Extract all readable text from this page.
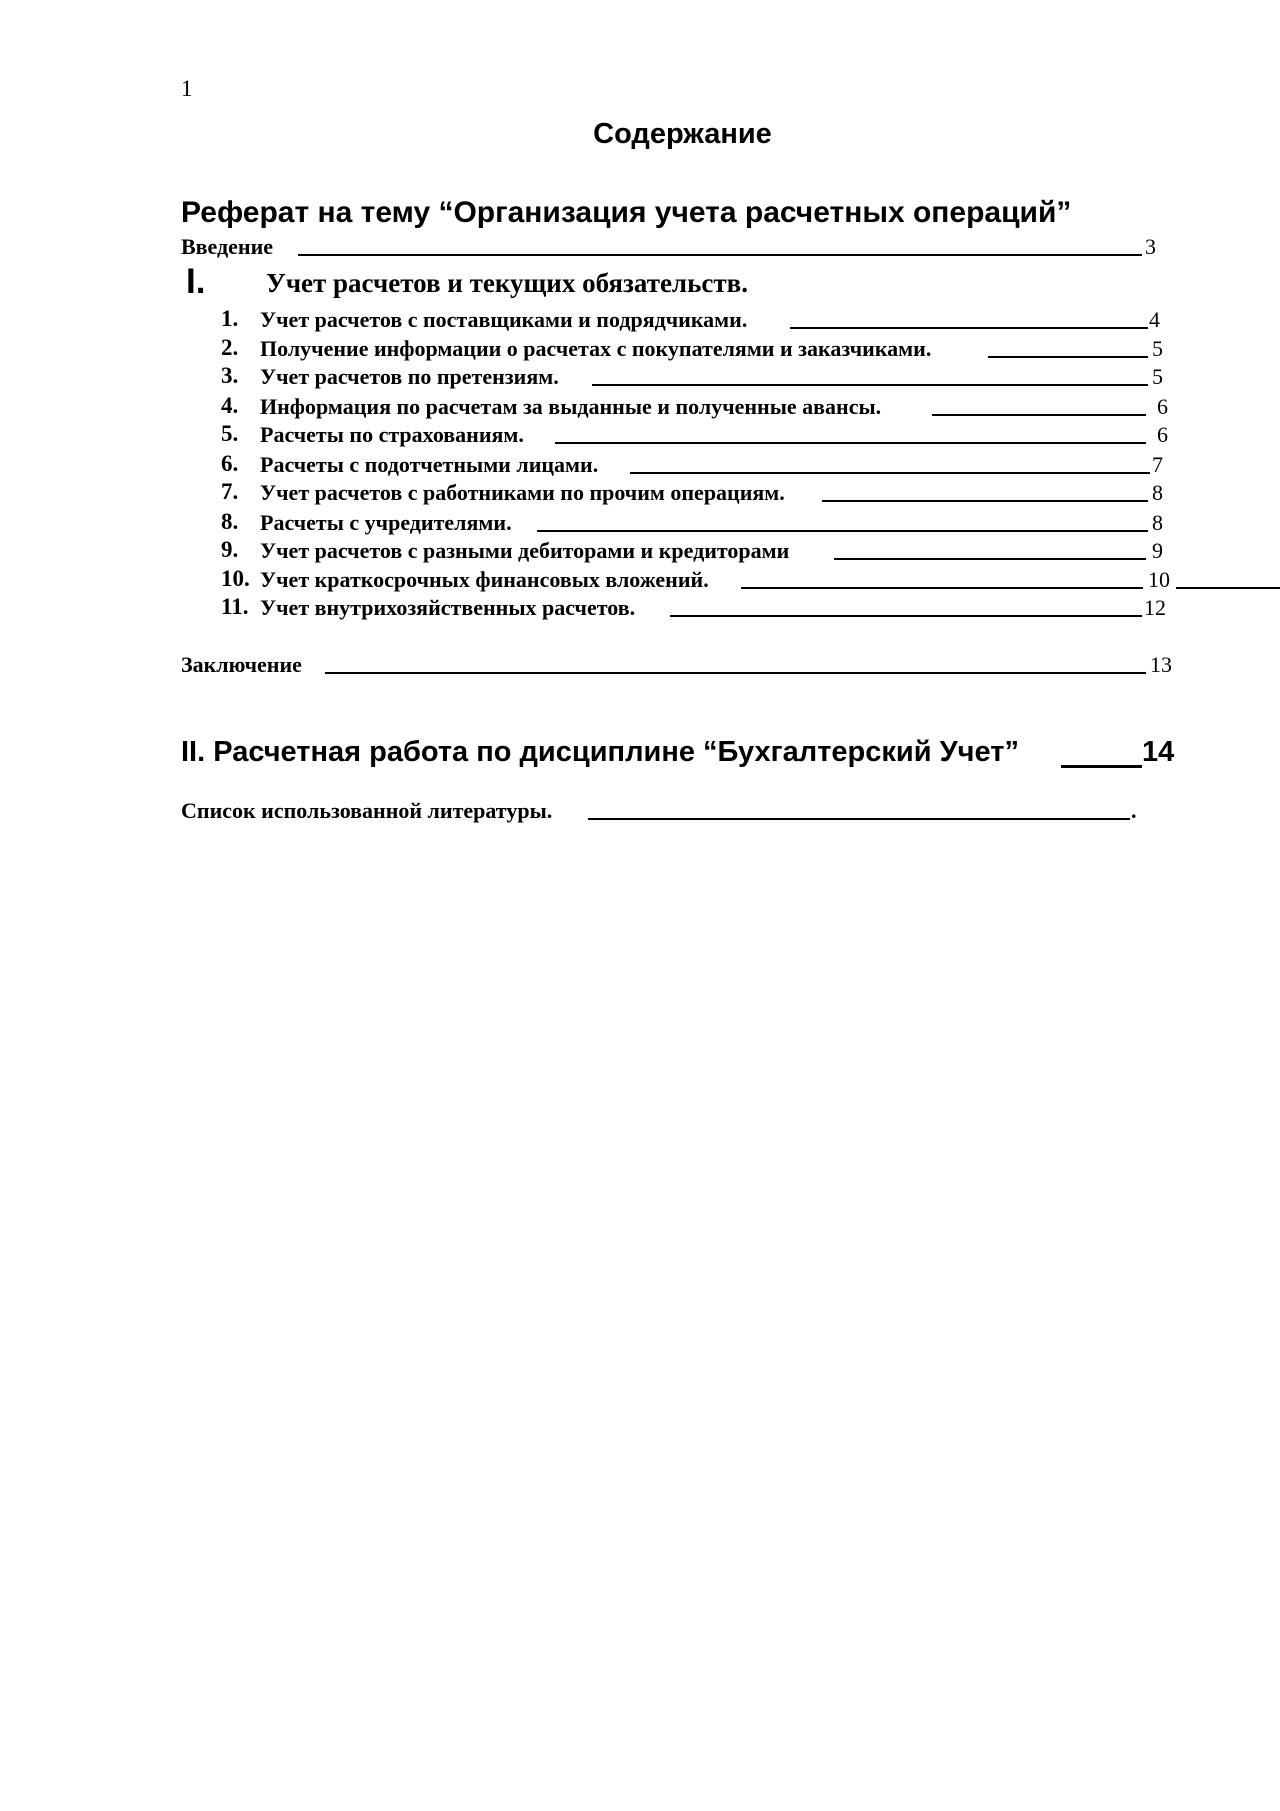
1
Содержание
Реферат на тему “Организация учета расчетных операций”
Введение	3
I. Учет расчетов и текущих обязательств.
1. Учет расчетов с поставщиками и подрядчиками.	4
2. Получение информации о расчетах с покупателями и заказчиками.	5
3. Учет расчетов по претензиям.	5
4. Информация по расчетам за выданные и полученные авансы.	6
5. Расчеты по страхованиям.	6
6. Расчеты с подотчетными лицами.	7
7. Учет расчетов с работниками по прочим операциям.	8
8. Расчеты с учредителями.	8
9. Учет расчетов с разными дебиторами и кредиторами	9
10. Учет краткосрочных финансовых вложений.	10
11. Учет внутрихозяйственных расчетов.	12
Заключение	13
II. Расчетная работа по дисциплине “Бухгалтерский Учет”	14
Список использованной литературы.	.
